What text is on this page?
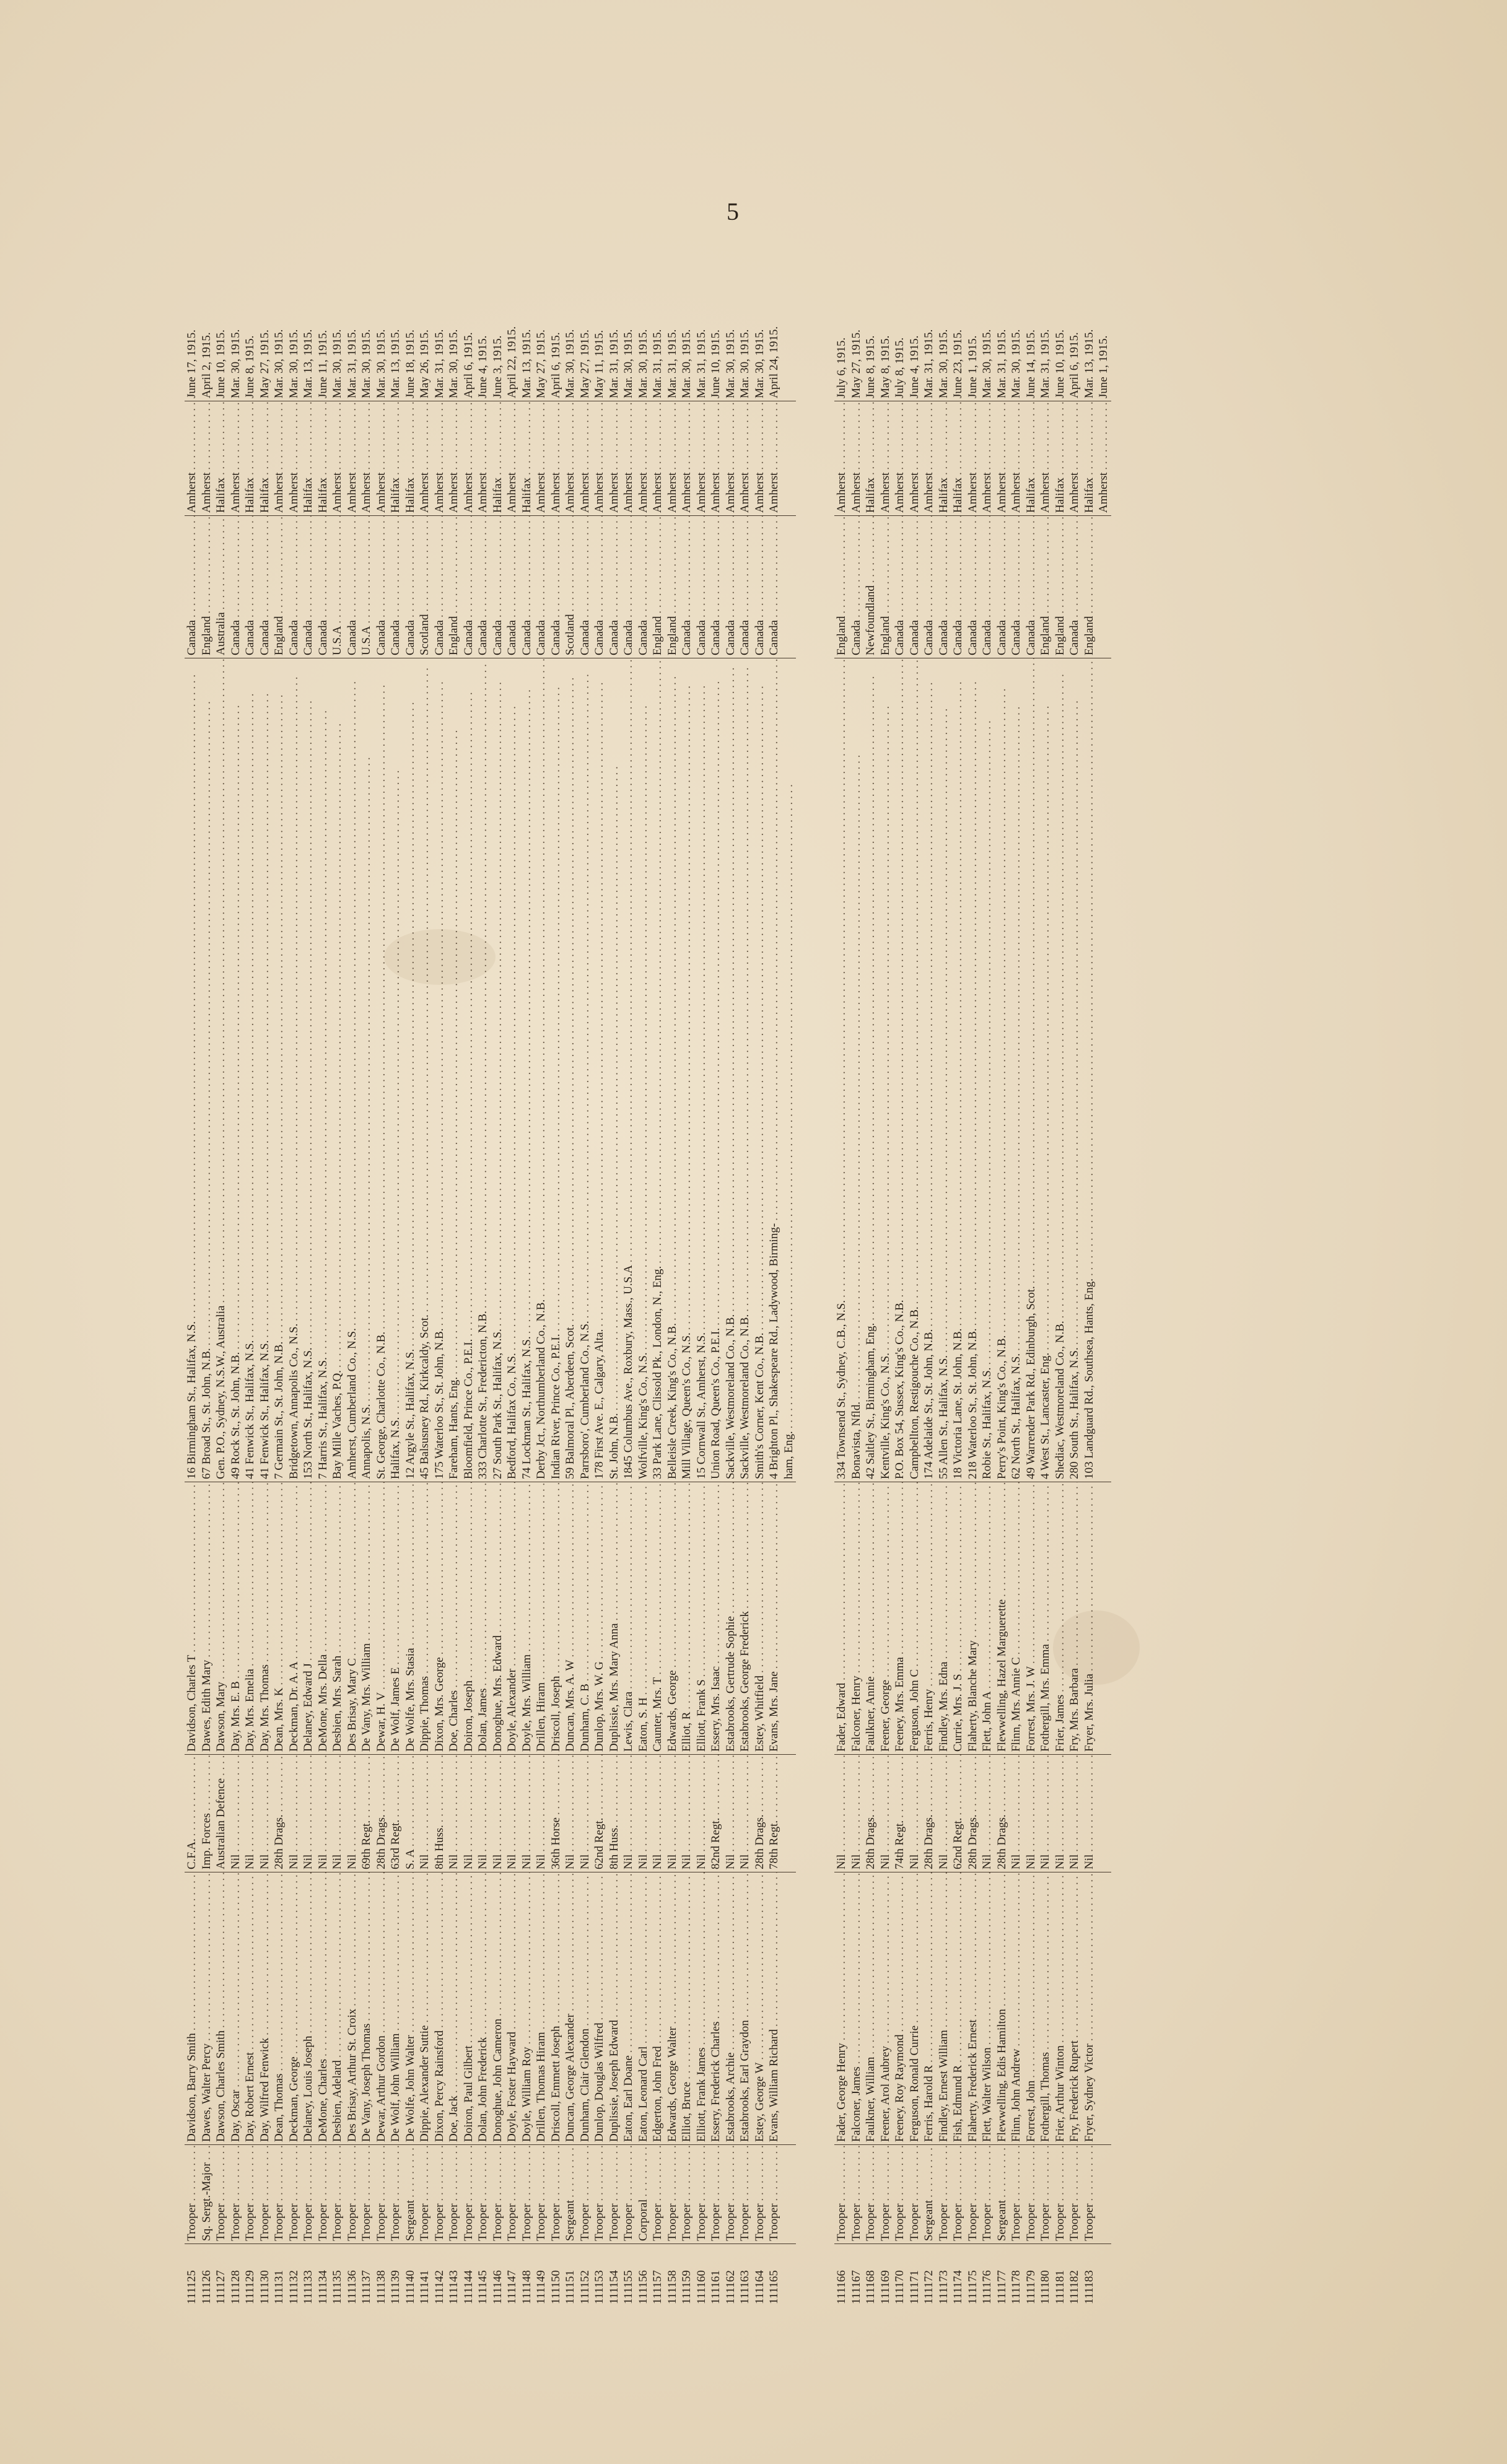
5
111125
Trooper . . .
Davidson, Barry Smith . . .
C.F.A. . . .
Davidson, Charles T . . .
16 Birmingham St., Halifax, N.S. . . .
Canada . . .
Amherst . . .
June 17, 1915.
111126
Sq. Sergt.-Major . . .
Dawes, Walter Percy . . .
Imp. Forces . . .
Dawes, Edith Mary . . .
67 Broad St., St. John, N.B. . . .
England . . .
Amherst . . .
April 2, 1915.
111127
Trooper . . .
Dawson, Charles Smith . . .
Australian Defence . . .
Dawson, Mary . . .
Gen. P.O., Sydney, N.S.W., Australia . . .
Australia . . .
Halifax . . .
June 10, 1915.
111128
Trooper . . .
Day, Oscar . . .
Nil . . .
Day, Mrs. E. B . . .
49 Rock St., St. John, N.B. . . .
Canada . . .
Amherst . . .
Mar. 30, 1915.
111129
Trooper . . .
Day, Robert Ernest . . .
Nil . . .
Day, Mrs. Emelia . . .
41 Fenwick St., Halifax, N.S. . . .
Canada . . .
Halifax . . .
June 8, 1915.
111130
Trooper . . .
Day, Wilfred Fenwick . . .
Nil . . .
Day, Mrs. Thomas . . .
41 Fenwick St., Halifax, N.S. . . .
Canada . . .
Halifax . . .
May 27, 1915.
111131
Trooper . . .
Dean, Thomas . . .
28th Drags. . . .
Dean, Mrs. K . . .
7 Germain St., St. John, N.B. . . .
England . . .
Amherst . . .
Mar. 30, 1915.
111132
Trooper . . .
Deckman, George . . .
Nil . . .
Deckman, Dr. A. A . . .
Bridgetown, Annapolis Co., N.S. . . .
Canada . . .
Amherst . . .
Mar. 30, 1915.
111133
Trooper . . .
Delaney, Louis Joseph . . .
Nil . . .
Delaney, Edward J . . .
153 North St., Halifax, N.S. . . .
Canada . . .
Halifax . . .
Mar. 13, 1915.
111134
Trooper . . .
DeMone, Charles . . .
Nil . . .
DeMone, Mrs. Della . . .
7 Harris St., Halifax, N.S. . . .
Canada . . .
Halifax . . .
June 11, 1915.
111135
Trooper . . .
Desbien, Adelard . . .
Nil . . .
Desbien, Mrs. Sarah . . .
Bay Mille Vaches, P.Q. . . .
U.S.A . . .
Amherst . . .
Mar. 30, 1915.
111136
Trooper . . .
Des Brisay, Arthur St. Croix . . .
Nil . . .
Des Brisay, Mary C . . .
Amherst, Cumberland Co., N.S. . . .
Canada . . .
Amherst . . .
Mar. 31, 1915.
111137
Trooper . . .
De Vany, Joseph Thomas . . .
69th Regt. . . .
De Vany, Mrs. William . . .
Annapolis, N.S. . . .
U.S.A . . .
Amherst . . .
Mar. 30, 1915.
111138
Trooper . . .
Dewar, Arthur Gordon . . .
28th Drags. . . .
Dewar, H. V . . .
St. George, Charlotte Co., N.B. . . .
Canada . . .
Amherst . . .
Mar. 30, 1915.
111139
Trooper . . .
De Wolf, John William . . .
63rd Regt. . . .
De Wolf, James E . . .
Halifax, N.S. . . .
Canada . . .
Halifax . . .
Mar. 13, 1915.
111140
Sergeant . . .
De Wolfe, John Walter . . .
S. A . . .
De Wolfe, Mrs. Stasia . . .
12 Argyle St., Halifax, N.S. . . .
Canada . . .
Halifax . . .
June 18, 1915.
111141
Trooper . . .
Dippie, Alexander Suttie . . .
Nil . . .
Dippie, Thomas . . .
45 Balsusney Rd., Kirkcaldy, Scot. . . .
Scotland . . .
Amherst . . .
May 26, 1915.
111142
Trooper . . .
Dixon, Percy Rainsford . . .
8th Huss. . . .
Dixon, Mrs. George . . .
175 Waterloo St., St. John, N.B. . . .
Canada . . .
Amherst . . .
Mar. 31, 1915.
111143
Trooper . . .
Doe, Jack . . .
Nil . . .
Doe, Charles . . .
Fareham, Hants, Eng. . . .
England . . .
Amherst . . .
Mar. 30, 1915.
111144
Trooper . . .
Doiron, Paul Gilbert . . .
Nil . . .
Doiron, Joseph . . .
Bloomfield, Prince Co., P.E.I. . . .
Canada . . .
Amherst . . .
April 6, 1915.
111145
Trooper . . .
Dolan, John Frederick . . .
Nil . . .
Dolan, James . . .
333 Charlotte St., Fredericton, N.B. . . .
Canada . . .
Amherst . . .
June 4, 1915.
111146
Trooper . . .
Donoghue, John Cameron . . .
Nil . . .
Donoghue, Mrs. Edward . . .
27 South Park St., Halifax, N.S. . . .
Canada . . .
Halifax . . .
June 3, 1915.
111147
Trooper . . .
Doyle, Foster Hayward . . .
Nil . . .
Doyle, Alexander . . .
Bedford, Halifax Co., N.S. . . .
Canada . . .
Amherst . . .
April 22, 1915.
111148
Trooper . . .
Doyle, William Roy . . .
Nil . . .
Doyle, Mrs. William . . .
74 Lockman St., Halifax, N.S. . . .
Canada . . .
Halifax . . .
Mar. 13, 1915.
111149
Trooper . . .
Drillen, Thomas Hiram . . .
Nil . . .
Drillen, Hiram . . .
Derby Jct., Northumberland Co., N.B. . . .
Canada . . .
Amherst . . .
May 27, 1915.
111150
Trooper . . .
Driscoll, Emmett Joseph . . .
36th Horse . . .
Driscoll, Joseph . . .
Indian River, Prince Co., P.E.I. . . .
Canada . . .
Amherst . . .
April 6, 1915.
111151
Sergeant . . .
Duncan, George Alexander . . .
Nil . . .
Duncan, Mrs. A. W . . .
59 Balmoral Pl., Aberdeen, Scot. . . .
Scotland . . .
Amherst . . .
Mar. 30, 1915.
111152
Trooper . . .
Dunham, Clair Glendon . . .
Nil . . .
Dunham, C. B . . .
Parrsboro', Cumberland Co., N.S. . . .
Canada . . .
Amherst . . .
May 27, 1915.
111153
Trooper . . .
Dunlop, Douglas Wilfred . . .
62nd Regt. . . .
Dunlop, Mrs. W. G . . .
178 First Ave. E., Calgary, Alta. . . .
Canada . . .
Amherst . . .
May 11, 1915.
111154
Trooper . . .
Duplissie, Joseph Edward . . .
8th Huss. . . .
Duplissie, Mrs. Mary Anna . . .
St. John, N.B. . . .
Canada . . .
Amherst . . .
Mar. 31, 1915.
111155
Trooper . . .
Eaton, Earl Doane . . .
Nil . . .
Lewis, Clara . . .
1845 Columbus Ave., Roxbury, Mass., U.S.A . . .
Canada . . .
Amherst . . .
Mar. 30, 1915.
111156
Corporal . . .
Eaton, Leonard Carl . . .
Nil . . .
Eaton, S. H . . .
Wolfville, King's Co., N.S. . . .
Canada . . .
Amherst . . .
Mar. 30, 1915.
111157
Trooper . . .
Edgerton, John Fred . . .
Nil . . .
Caunter, Mrs. T . . .
33 Park Lane, Clissold Pk., London, N., Eng. . . .
England . . .
Amherst . . .
Mar. 31, 1915.
111158
Trooper . . .
Edwards, George Walter . . .
Nil . . .
Edwards, George . . .
Belleisle Creek, King's Co., N.B. . . .
England . . .
Amherst . . .
Mar. 31, 1915.
111159
Trooper . . .
Elliot, Bruce . . .
Nil . . .
Elliot, R . . .
Mill Village, Queen's Co., N.S. . . .
Canada . . .
Amherst . . .
Mar. 30, 1915.
111160
Trooper . . .
Elliott, Frank James . . .
Nil . . .
Elliott, Frank S . . .
15 Cornwall St., Amherst, N.S. . . .
Canada . . .
Amherst . . .
Mar. 31, 1915.
111161
Trooper . . .
Essery, Frederick Charles . . .
82nd Regt. . . .
Essery, Mrs. Isaac . . .
Union Road, Queen's Co., P.E.I. . . .
Canada . . .
Amherst . . .
June 10, 1915.
111162
Trooper . . .
Estabrooks, Archie . . .
Nil . . .
Estabrooks, Gertrude Sophie . . .
Sackville, Westmoreland Co., N.B. . . .
Canada . . .
Amherst . . .
Mar. 30, 1915.
111163
Trooper . . .
Estabrooks, Earl Graydon . . .
Nil . . .
Estabrooks, George Frederick . . .
Sackville, Westmoreland Co., N.B. . . .
Canada . . .
Amherst . . .
Mar. 30, 1915.
111164
Trooper . . .
Estey, George W . . .
28th Drags. . . .
Estey, Whitfield . . .
Smith's Corner, Kent Co., N.B. . . .
Canada . . .
Amherst . . .
Mar. 30, 1915.
111165
Trooper . . .
Evans, William Richard . . .
78th Regt. . . .
Evans, Mrs. Jane . . .
4 Brighton Pl., Shakespeare Rd., Ladywood, Birming- . . .
Canada . . .
Amherst . . .
April 24, 1915.
ham, Eng. . . .
111166
Trooper . . .
Fader, George Henry . . .
Nil . . .
Fader, Edward . . .
334 Townsend St., Sydney, C.B., N.S. . . .
England . . .
Amherst . . .
July 6, 1915.
111167
Trooper . . .
Falconer, James . . .
Nil . . .
Falconer, Henry . . .
Bonavista, Nfld. . . .
Canada . . .
Amherst . . .
May 27, 1915.
111168
Trooper . . .
Faulkner, William . . .
28th Drags. . . .
Faulkner, Annie . . .
42 Saltley St., Birmingham, Eng. . . .
Newfoundland . . .
Halifax . . .
June 8, 1915.
111169
Trooper . . .
Feener, Arol Aubrey . . .
Nil . . .
Feener, George . . .
Kentville, King's Co., N.S. . . .
England . . .
Amherst . . .
May 8, 1915.
111170
Trooper . . .
Feeney, Roy Raymond . . .
74th Regt. . . .
Feeney, Mrs. Emma . . .
P.O. Box 54, Sussex, King's Co., N.B. . . .
Canada . . .
Amherst . . .
July 8, 1915.
111171
Trooper . . .
Ferguson, Ronald Currie . . .
Nil . . .
Ferguson, John C . . .
Campbellton, Restigouche Co., N.B. . . .
Canada . . .
Amherst . . .
June 4, 1915.
111172
Sergeant . . .
Ferris, Harold R . . .
28th Drags. . . .
Ferris, Henry . . .
174 Adelaide St., St. John, N.B. . . .
Canada . . .
Amherst . . .
Mar. 31, 1915.
111173
Trooper . . .
Findley, Ernest William . . .
Nil . . .
Findley, Mrs. Edna . . .
55 Allen St., Halifax, N.S. . . .
Canada . . .
Halifax . . .
Mar. 30, 1915.
111174
Trooper . . .
Fish, Edmund R . . .
62nd Regt. . . .
Currie, Mrs. J. S . . .
18 Victoria Lane, St. John, N.B. . . .
Canada . . .
Halifax . . .
June 23, 1915.
111175
Trooper . . .
Flaherty, Frederick Ernest . . .
28th Drags. . . .
Flaherty, Blanche Mary . . .
218 Waterloo St., St. John, N.B. . . .
Canada . . .
Amherst . . .
June 1, 1915.
111176
Trooper . . .
Flett, Walter Wilson . . .
Nil . . .
Flett, John A . . .
Robie St., Halifax, N.S. . . .
Canada . . .
Amherst . . .
Mar. 30, 1915.
111177
Sergeant . . .
Flewwelling, Edis Hamilton . . .
28th Drags. . . .
Flewwelling, Hazel Marguerette . . .
Perry's Point, King's Co., N.B. . . .
Canada . . .
Amherst . . .
Mar. 31, 1915.
111178
Trooper . . .
Flinn, John Andrew . . .
Nil . . .
Flinn, Mrs. Annie C . . .
62 North St., Halifax, N.S. . . .
Canada . . .
Amherst . . .
Mar. 30, 1915.
111179
Trooper . . .
Forrest, John . . .
Nil . . .
Forrest, Mrs. J. W . . .
49 Warrender Park Rd., Edinburgh, Scot. . . .
Canada . . .
Halifax . . .
June 14, 1915.
111180
Trooper . . .
Fothergill, Thomas . . .
Nil . . .
Fothergill, Mrs. Emma . . .
4 West St., Lancaster, Eng. . . .
England . . .
Amherst . . .
Mar. 31, 1915.
111181
Trooper . . .
Frier, Arthur Winton . . .
Nil . . .
Frier, James . . .
Shediac, Westmoreland Co., N.B. . . .
England . . .
Halifax . . .
June 10, 1915.
111182
Trooper . . .
Fry, Frederick Rupert . . .
Nil . . .
Fry, Mrs. Barbara . . .
280 South St., Halifax, N.S. . . .
Canada . . .
Amherst . . .
April 6, 1915.
111183
Trooper . . .
Fryer, Sydney Victor . . .
Nil . . .
Fryer, Mrs. Julia . . .
103 Landguard Rd., Southsea, Hants, Eng. . . .
England . . .
Halifax . . .
Mar. 13, 1915.
Amherst . . .
June 1, 1915.
